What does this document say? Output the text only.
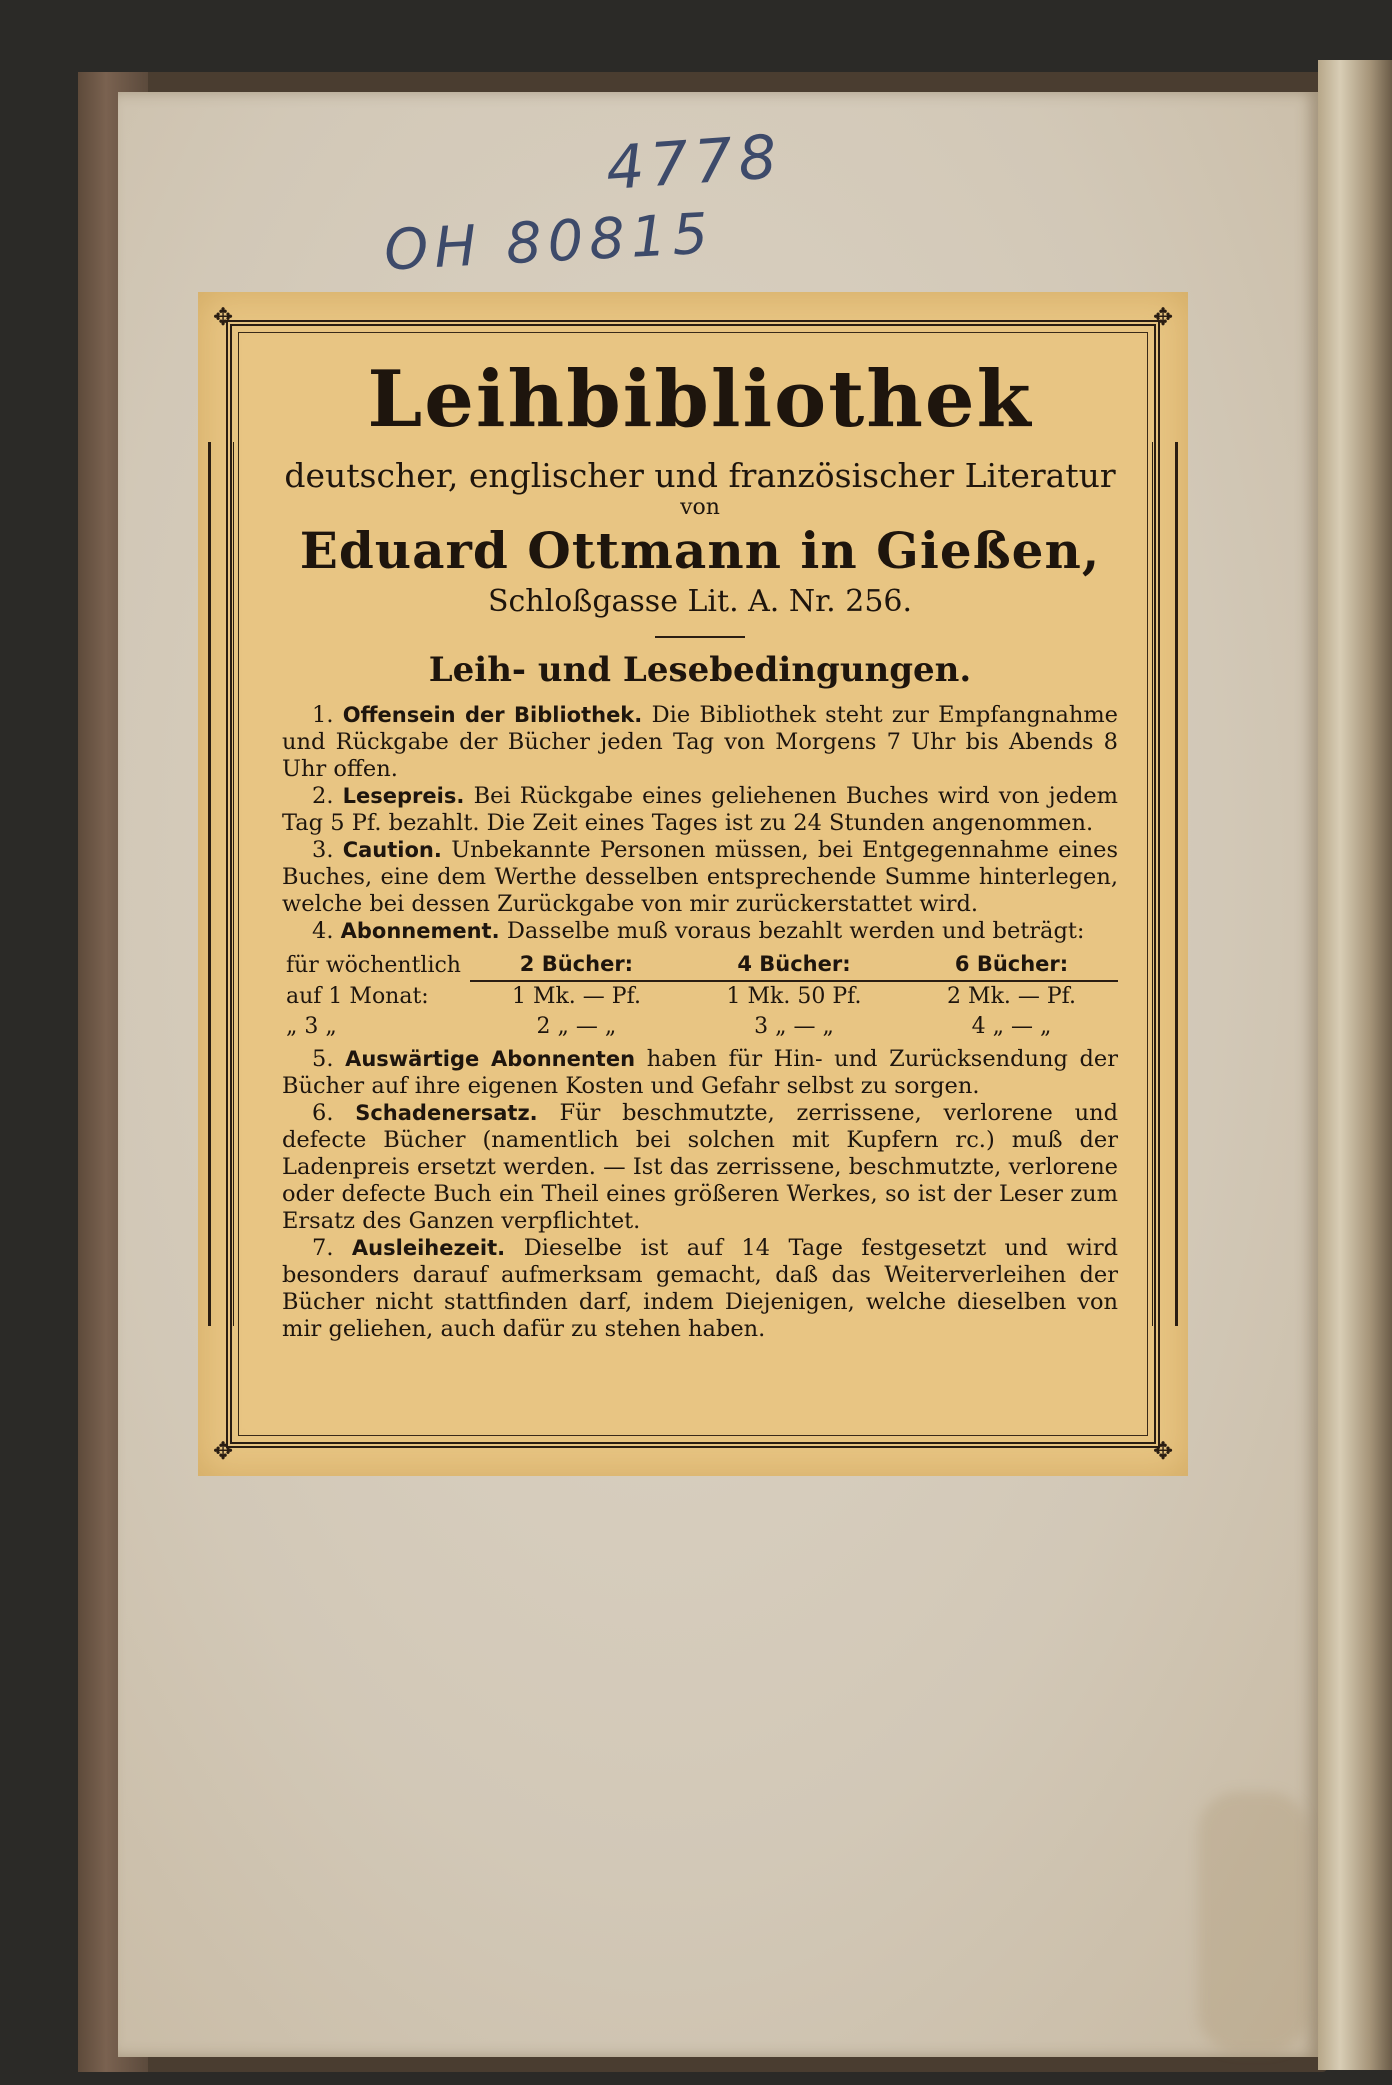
4778
OH 80815
✥	✥
✥	✥
Leihbibliothek
deutscher, englischer und französischer Literatur
von
Eduard Ottmann in Gießen,
Schloßgasse Lit. A. Nr. 256.
Leih- und Lesebedingungen.

1. Offensein der Bibliothek. Die Bibliothek steht zur Empfangnahme und Rückgabe der Bücher jeden Tag von Morgens 7 Uhr bis Abends 8 Uhr offen.

2. Lesepreis. Bei Rückgabe eines geliehenen Buches wird von jedem Tag 5 Pf. bezahlt. Die Zeit eines Tages ist zu 24 Stunden angenommen.

3. Caution. Unbekannte Personen müssen, bei Entgegennahme eines Buches, eine dem Werthe desselben entsprechende Summe hinterlegen, welche bei dessen Zurückgabe von mir zurückerstattet wird.

4. Abonnement. Dasselbe muß voraus bezahlt werden und beträgt:

für wöchentlich	2 Bücher:	4 Bücher:	6 Bücher:
auf 1 Monat:	1 Mk. — Pf.	1 Mk. 50 Pf.	2 Mk. — Pf.
„ 3 „	2 „ — „	3 „ — „	4 „ — „

5. Auswärtige Abonnenten haben für Hin- und Zurücksendung der Bücher auf ihre eigenen Kosten und Gefahr selbst zu sorgen.

6. Schadenersatz. Für beschmutzte, zerrissene, verlorene und defecte Bücher (namentlich bei solchen mit Kupfern rc.) muß der Ladenpreis ersetzt werden. — Ist das zerrissene, beschmutzte, verlorene oder defecte Buch ein Theil eines größeren Werkes, so ist der Leser zum Ersatz des Ganzen verpflichtet.

7. Ausleihezeit. Dieselbe ist auf 14 Tage festgesetzt und wird besonders darauf aufmerksam gemacht, daß das Weiterverleihen der Bücher nicht stattfinden darf, indem Diejenigen, welche dieselben von mir geliehen, auch dafür zu stehen haben.
